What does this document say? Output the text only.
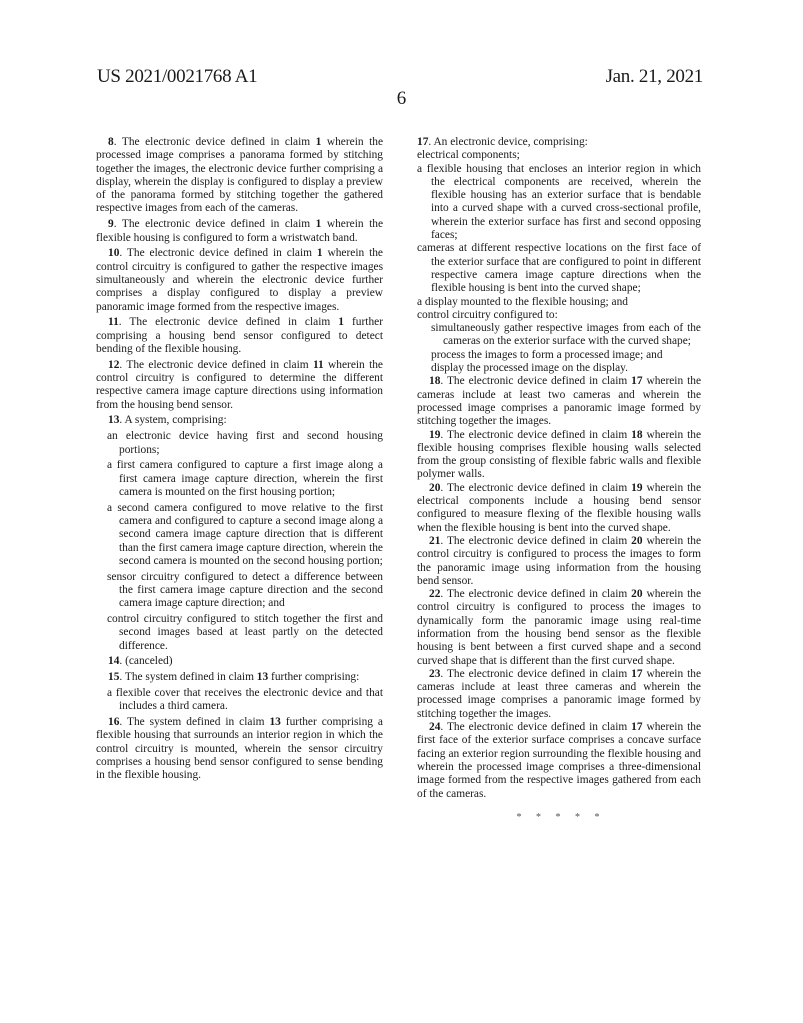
US 2021/0021768 A1	Jan. 21, 2021
6

8. The electronic device defined in claim 1 wherein the processed image comprises a panorama formed by stitching together the images, the electronic device further comprising a display, wherein the display is configured to display a preview of the panorama formed by stitching together the gathered respective images from each of the cameras.

9. The electronic device defined in claim 1 wherein the flexible housing is configured to form a wristwatch band.

10. The electronic device defined in claim 1 wherein the control circuitry is configured to gather the respective images simultaneously and wherein the electronic device further comprises a display configured to display a preview panoramic image formed from the respective images.

11. The electronic device defined in claim 1 further comprising a housing bend sensor configured to detect bending of the flexible housing.

12. The electronic device defined in claim 11 wherein the control circuitry is configured to determine the different respective camera image capture directions using information from the housing bend sensor.

13. A system, comprising:

an electronic device having first and second housing portions;

a first camera configured to capture a first image along a first camera image capture direction, wherein the first camera is mounted on the first housing portion;

a second camera configured to move relative to the first camera and configured to capture a second image along a second camera image capture direction that is different than the first camera image capture direction, wherein the second camera is mounted on the second housing portion;

sensor circuitry configured to detect a difference between the first camera image capture direction and the second camera image capture direction; and

control circuitry configured to stitch together the first and second images based at least partly on the detected difference.

14. (canceled)

15. The system defined in claim 13 further comprising:

a flexible cover that receives the electronic device and that includes a third camera.

16. The system defined in claim 13 further comprising a flexible housing that surrounds an interior region in which the control circuitry is mounted, wherein the sensor circuitry comprises a housing bend sensor configured to sense bending in the flexible housing.

17. An electronic device, comprising:

electrical components;

a flexible housing that encloses an interior region in which the electrical components are received, wherein the flexible housing has an exterior surface that is bendable into a curved shape with a curved cross-sectional profile, wherein the exterior surface has first and second opposing faces;

cameras at different respective locations on the first face of the exterior surface that are configured to point in different respective camera image capture directions when the flexible housing is bent into the curved shape;

a display mounted to the flexible housing; and

control circuitry configured to:

simultaneously gather respective images from each of the cameras on the exterior surface with the curved shape;

process the images to form a processed image; and

display the processed image on the display.

18. The electronic device defined in claim 17 wherein the cameras include at least two cameras and wherein the processed image comprises a panoramic image formed by stitching together the images.

19. The electronic device defined in claim 18 wherein the flexible housing comprises flexible housing walls selected from the group consisting of flexible fabric walls and flexible polymer walls.

20. The electronic device defined in claim 19 wherein the electrical components include a housing bend sensor configured to measure flexing of the flexible housing walls when the flexible housing is bent into the curved shape.

21. The electronic device defined in claim 20 wherein the control circuitry is configured to process the images to form the panoramic image using information from the housing bend sensor.

22. The electronic device defined in claim 20 wherein the control circuitry is configured to process the images to dynamically form the panoramic image using real-time information from the housing bend sensor as the flexible housing is bent between a first curved shape and a second curved shape that is different than the first curved shape.

23. The electronic device defined in claim 17 wherein the cameras include at least three cameras and wherein the processed image comprises a panoramic image formed by stitching together the images.

24. The electronic device defined in claim 17 wherein the first face of the exterior surface comprises a concave surface facing an exterior region surrounding the flexible housing and wherein the processed image comprises a three-dimensional image formed from the respective images gathered from each of the cameras.

* * * * *
